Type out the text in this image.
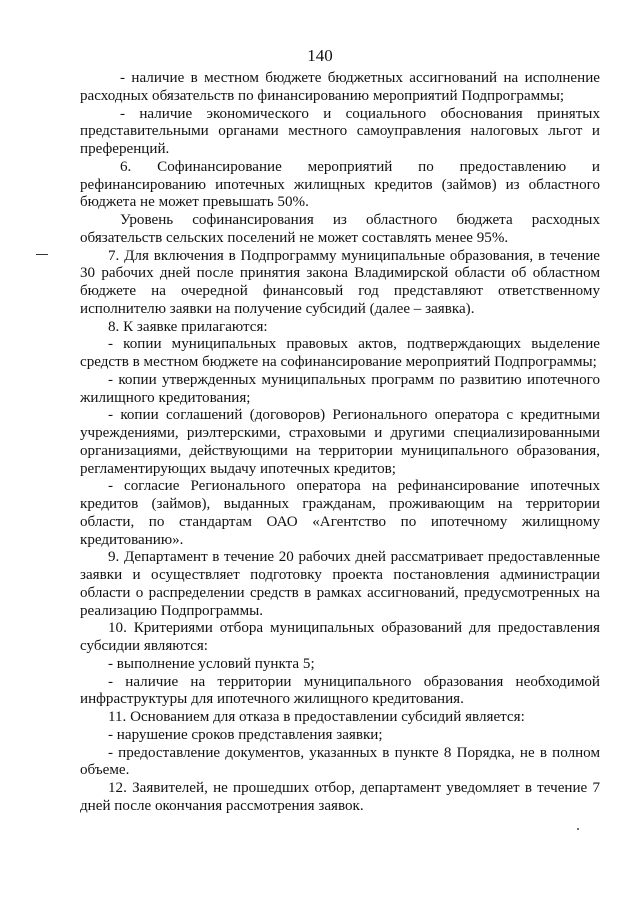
140

- наличие в местном бюджете бюджетных ассигнований на исполнение расходных обязательств по финансированию мероприятий Подпрограммы;

- наличие экономического и социального обоснования принятых представительными органами местного самоуправления налоговых льгот и преференций.

6. Софинансирование мероприятий по предоставлению и рефинансированию ипотечных жилищных кредитов (займов) из областного бюджета не может превышать 50%.

Уровень софинансирования из областного бюджета расходных обязательств сельских поселений не может составлять менее 95%.

7. Для включения в Подпрограмму муниципальные образования, в течение 30 рабочих дней после принятия закона Владимирской области об областном бюджете на очередной финансовый год представляют ответственному исполнителю заявки на получение субсидий (далее – заявка).

8. К заявке прилагаются:

- копии муниципальных правовых актов, подтверждающих выделение средств в местном бюджете на софинансирование мероприятий Подпрограммы;

- копии утвержденных муниципальных программ по развитию ипотечного жилищного кредитования;

- копии соглашений (договоров) Регионального оператора с кредитными учреждениями, риэлтерскими, страховыми и другими специализированными организациями, действующими на территории муниципального образования, регламентирующих выдачу ипотечных кредитов;

- согласие Регионального оператора на рефинансирование ипотечных кредитов (займов), выданных гражданам, проживающим на территории области, по стандартам ОАО «Агентство по ипотечному жилищному кредитованию».

9. Департамент в течение 20 рабочих дней рассматривает предоставленные заявки и осуществляет подготовку проекта постановления администрации области о распределении средств в рамках ассигнований, предусмотренных на реализацию Подпрограммы.

10. Критериями отбора муниципальных образований для предоставления субсидии являются:

- выполнение условий пункта 5;

- наличие на территории муниципального образования необходимой инфраструктуры для ипотечного жилищного кредитования.

11. Основанием для отказа в предоставлении субсидий является:

- нарушение сроков представления заявки;

- предоставление документов, указанных в пункте 8 Порядка, не в полном объеме.

12. Заявителей, не прошедших отбор, департамент уведомляет в течение 7 дней после окончания рассмотрения заявок.
